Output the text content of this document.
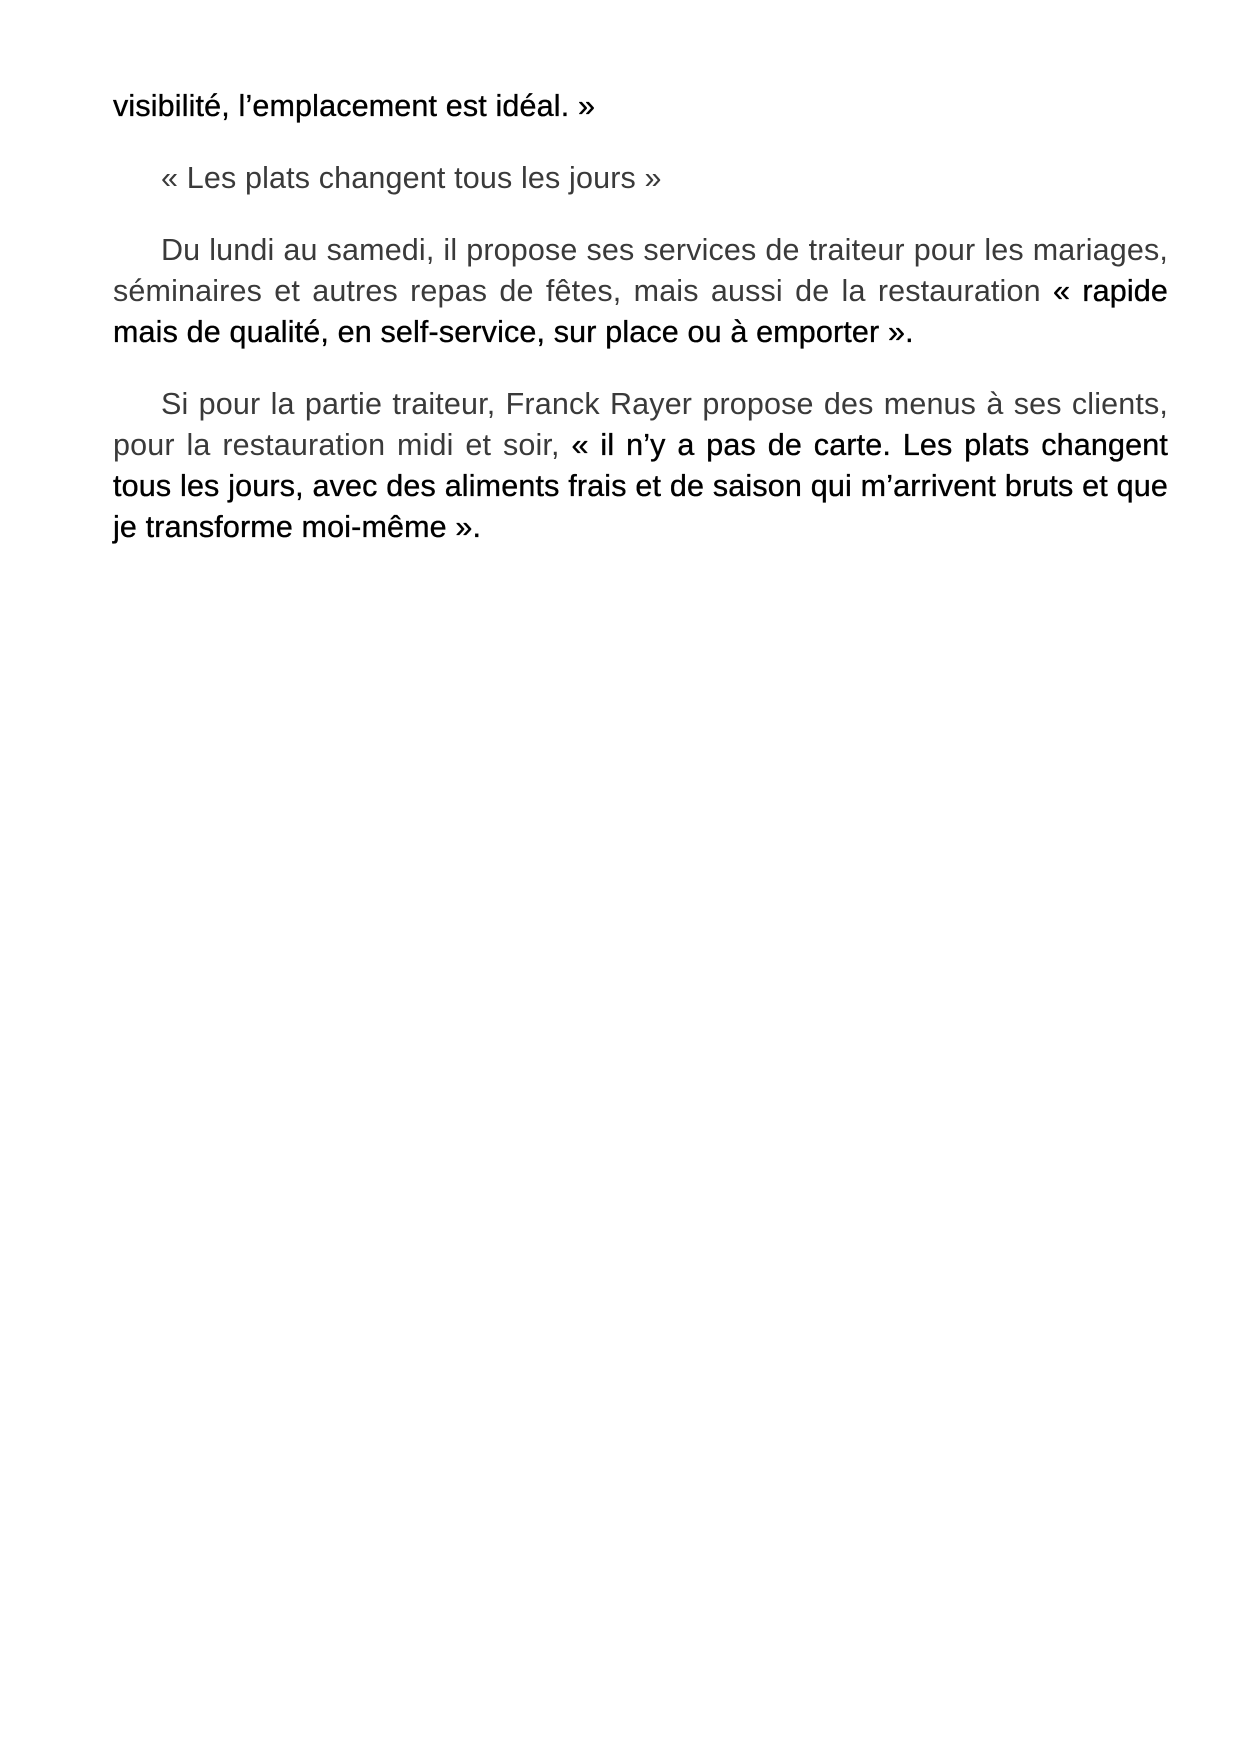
visibilité, l’emplacement est idéal. »

« Les plats changent tous les jours »

Du lundi au samedi, il propose ses services de traiteur pour les mariages, séminaires et autres repas de fêtes, mais aussi de la restauration « rapide mais de qualité, en self-service, sur place ou à emporter ».

Si pour la partie traiteur, Franck Rayer propose des menus à ses clients, pour la restauration midi et soir, « il n’y a pas de carte. Les plats changent tous les jours, avec des aliments frais et de saison qui m’arrivent bruts et que je transforme moi-même ».
